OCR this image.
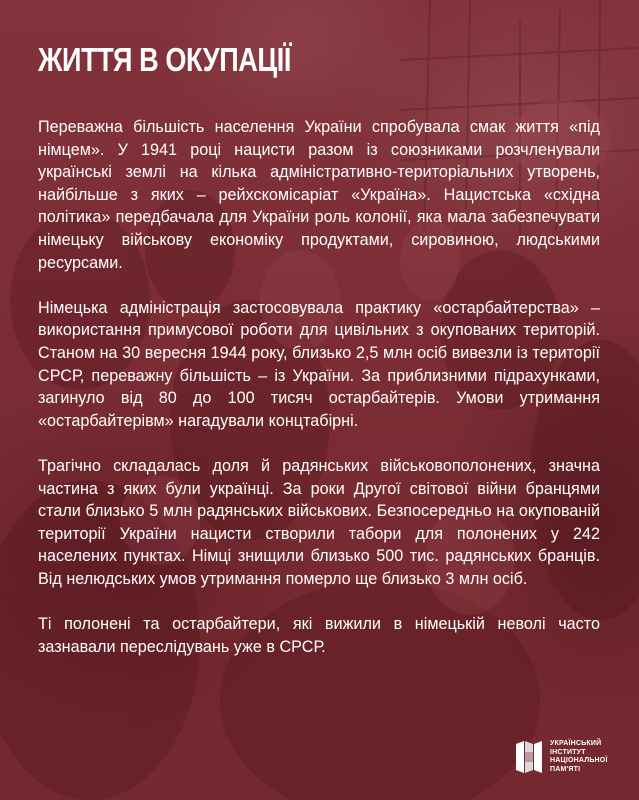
ЖИТТЯ В ОКУПАЦІЇ

Переважна більшість населення України спробувала смак життя «під німцем». У 1941 році нацисти разом із союзниками розчленували українські землі на кілька адміністративно-територіальних утворень, найбільше з яких – рейхскомісаріат «Україна». Нацистська «східна політика» передбачала для України роль колонії, яка мала забезпечувати німецьку військову економіку продуктами, сировиною, людськими ресурсами.

Німецька адміністрація застосовувала практику «остарбайтерства» – використання примусової роботи для цивільних з окупованих територій. Станом на 30 вересня 1944 року, близько 2,5 млн осіб вивезли із території СРСР, переважну більшість – із України. За приблизними підрахунками, загинуло від 80 до 100 тисяч остарбайтерів. Умови утримання «остарбайтерівм» нагадували концтабірні.

Трагічно складалась доля й радянських військовополонених, значна частина з яких були українці. За роки Другої світової війни бранцями стали близько 5 млн радянських військових. Безпосередньо на окупованій території України нацисти створили табори для полонених у 242 населених пунктах. Німці знищили близько 500 тис. радянських бранців. Від нелюдських умов утримання померло ще близько 3 млн осіб.

Ті полонені та остарбайтери, які вижили в німецькій неволі часто зазнавали переслідувань уже в СРСР.

УКРАЇНСЬКИЙ
ІНСТИТУТ
НАЦІОНАЛЬНОЇ
ПАМ'ЯТІ
